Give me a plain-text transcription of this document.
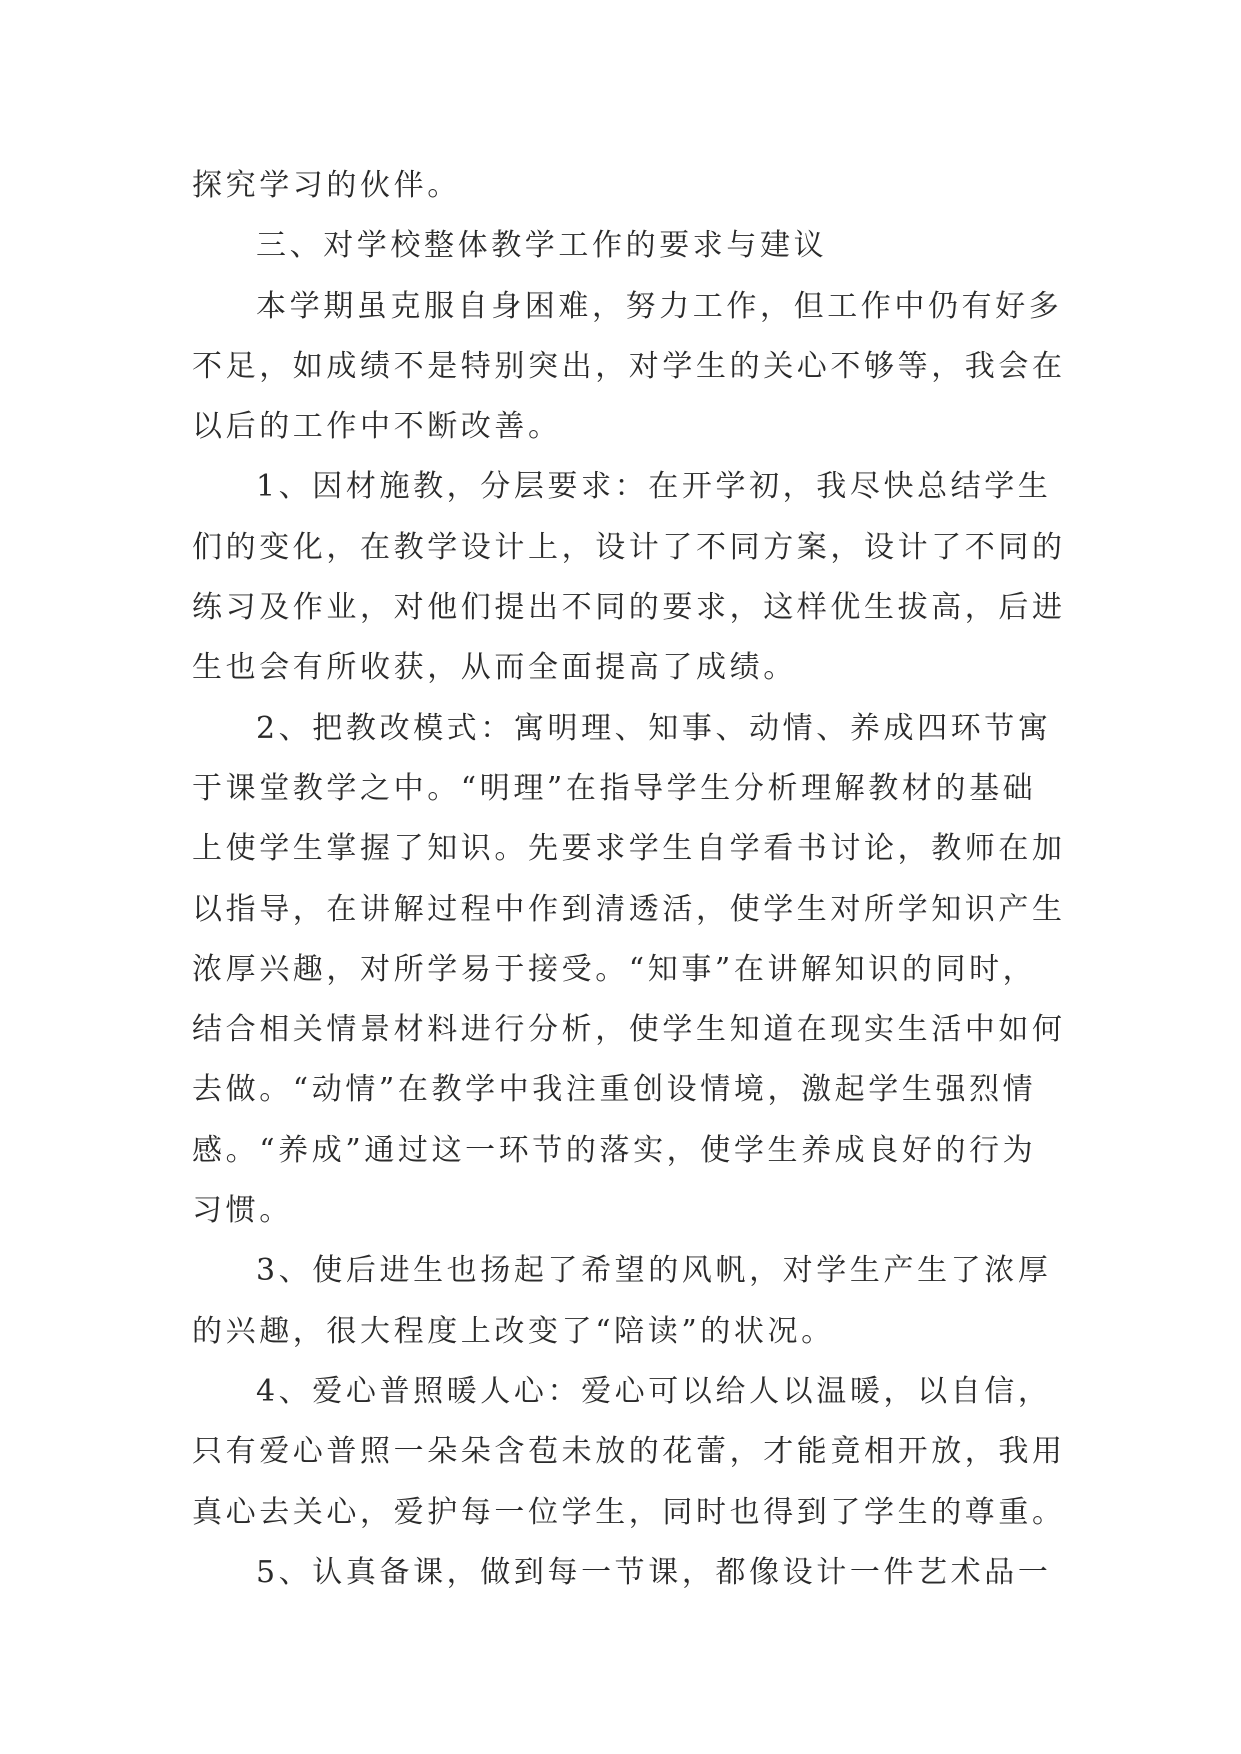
探究学习的伙伴。
三、对学校整体教学工作的要求与建议
本学期虽克服自身困难，努力工作，但工作中仍有好多
不足，如成绩不是特别突出，对学生的关心不够等，我会在
以后的工作中不断改善。
1、因材施教，分层要求：在开学初，我尽快总结学生
们的变化，在教学设计上，设计了不同方案，设计了不同的
练习及作业，对他们提出不同的要求，这样优生拔高，后进
生也会有所收获，从而全面提高了成绩。
2、把教改模式：寓明理、知事、动情、养成四环节寓
于课堂教学之中。“明理”在指导学生分析理解教材的基础
上使学生掌握了知识。先要求学生自学看书讨论，教师在加
以指导，在讲解过程中作到清透活，使学生对所学知识产生
浓厚兴趣，对所学易于接受。“知事”在讲解知识的同时，
结合相关情景材料进行分析，使学生知道在现实生活中如何
去做。“动情”在教学中我注重创设情境，激起学生强烈情
感。“养成”通过这一环节的落实，使学生养成良好的行为
习惯。
3、使后进生也扬起了希望的风帆，对学生产生了浓厚
的兴趣，很大程度上改变了“陪读”的状况。
4、爱心普照暖人心：爱心可以给人以温暖，以自信，
只有爱心普照一朵朵含苞未放的花蕾，才能竟相开放，我用
真心去关心，爱护每一位学生，同时也得到了学生的尊重。
5、认真备课，做到每一节课，都像设计一件艺术品一
